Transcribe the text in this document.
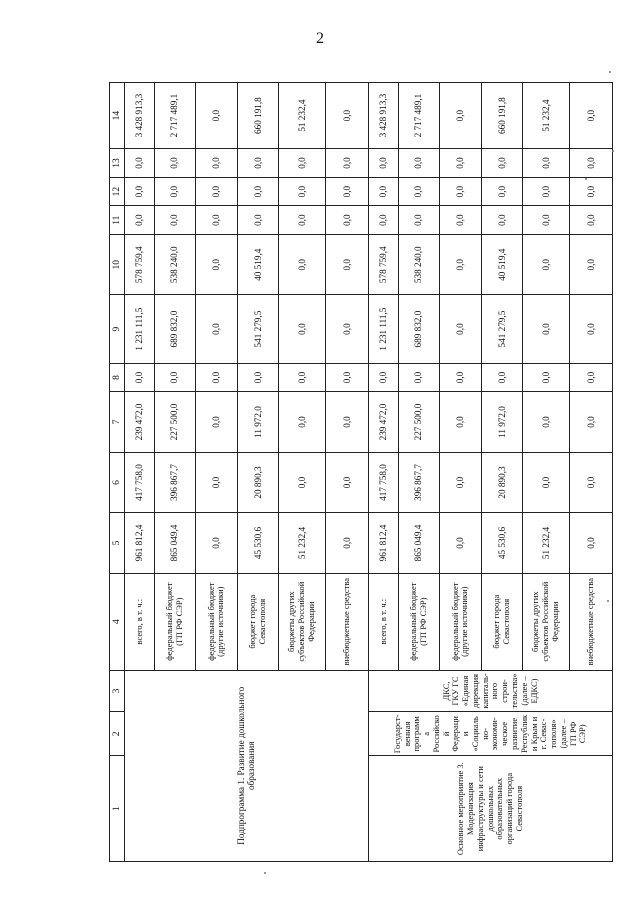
2
1	2	3	4	5	6	7	8	9	10	11	12	13	14
Подпрограмма 1. Развитие дошкольного образования			всего, в т. ч.:	961 812,4	417 758,0	239 472,0	0,0	1 231 111,5	578 759,4	0,0	0,0	0,0	3 428 913,3
			федеральный бюджет (ГП РФ СЭР)	865 049,4	396 867,7	227 500,0	0,0	689 832,0	538 240,0	0,0	0,0	0,0	2 717 489,1
			федеральный бюджет (другие источники)	0,0	0,0	0,0	0,0	0,0	0,0	0,0	0,0	0,0	0,0
			бюджет города Севастополя	45 530,6	20 890,3	11 972,0	0,0	541 279,5	40 519,4	0,0	0,0	0,0	660 191,8
			бюджеты других субъектов Российской Федерации	51 232,4	0,0	0,0	0,0	0,0	0,0	0,0	0,0	0,0	51 232,4
			внебюджетные средства	0,0	0,0	0,0	0,0	0,0	0,0	0,0	0,0	0,0	0,0
Основное мероприятие 3. Модернизация инфраструктуры и сети дошкольных образовательных организаций города Севастополя	Государст-венная программа Российской Федерации «Социально-экономи-ческое развитие Республики Крым и г. Севас-тополя» (далее – ГП РФ СЭР)	ДКС, ГКУ ГС «Единая дирекция капиталь-ного строи-тельства» (далее – ЕДКС)	всего, в т. ч.:	961 812,4	417 758,0	239 472,0	0,0	1 231 111,5	578 759,4	0,0	0,0	0,0	3 428 913,3
			федеральный бюджет (ГП РФ СЭР)	865 049,4	396 867,7	227 500,0	0,0	689 832,0	538 240,0	0,0	0,0	0,0	2 717 489,1
			федеральный бюджет (другие источники)	0,0	0,0	0,0	0,0	0,0	0,0	0,0	0,0	0,0	0,0
			бюджет города Севастополя	45 530,6	20 890,3	11 972,0	0,0	541 279,5	40 519,4	0,0	0,0	0,0	660 191,8
			бюджеты других субъектов Российской Федерации	51 232,4	0,0	0,0	0,0	0,0	0,0	0,0	0,0	0,0	51 232,4
			внебюджетные средства	0,0	0,0	0,0	0,0	0,0	0,0	0,0	0,0	0,0	0,0
